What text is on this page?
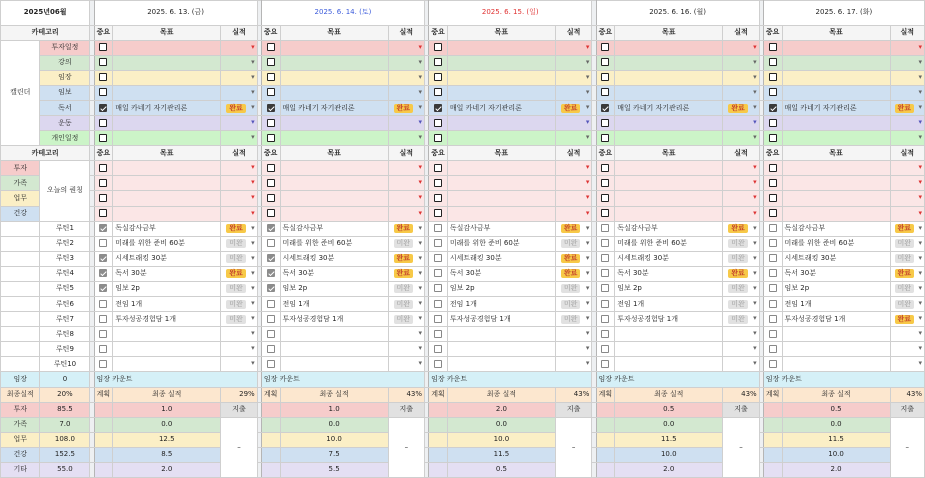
2025년06월			2025. 6. 13. (금)				2025. 6. 14. (토)				2025. 6. 15. (일)				2025. 6. 16. (월)				2025. 6. 17. (화)		
카테고리			중요	목표	실적		중요	목표	실적		중요	목표	실적		중요	목표	실적		중요	목표	실적
캘린더	투자일정				▾				▾				▾				▾				▾
	강의				▾				▾				▾				▾				▾
	임장				▾				▾				▾				▾				▾
	임보				▾				▾				▾				▾				▾
	독서			매일 카네기 자기관리론	완료 ▾			매일 카네기 자기관리론	완료 ▾			매일 카네기 자기관리론	완료 ▾			매일 카네기 자기관리론	완료 ▾			매일 카네기 자기관리론	완료 ▾
	운동				▾				▾				▾				▾				▾
	개인일정				▾				▾				▾				▾				▾
카테고리			중요	목표	실적		중요	목표	실적		중요	목표	실적		중요	목표	실적		중요	목표	실적
투자	오늘의 퀀칭				▾				▾				▾				▾				▾
가족				▾				▾				▾				▾				▾
업무				▾				▾				▾				▾				▾
건강				▾				▾				▾				▾				▾
	루틴1			독실감사금부	완료 ▾			독실감사금부	완료 ▾			독실감사금부	완료 ▾			독실감사금부	완료 ▾			독실감사금부	완료 ▾
	루틴2			미래를 위한 준비 60분	미완 ▾			미래를 위한 준비 60분	미완 ▾			미래를 위한 준비 60분	미완 ▾			미래를 위한 준비 60분	미완 ▾			미래를 위한 준비 60분	미완 ▾
	루틴3			시세트래킹 30분	미완 ▾			시세트래킹 30분	완료 ▾			시세트래킹 30분	완료 ▾			시세트래킹 30분	미완 ▾			시세트래킹 30분	미완 ▾
	루틴4			독서 30분	완료 ▾			독서 30분	완료 ▾			독서 30분	완료 ▾			독서 30분	완료 ▾			독서 30분	완료 ▾
	루틴5			임보 2p	미완 ▾			임보 2p	미완 ▾			임보 2p	미완 ▾			임보 2p	미완 ▾			임보 2p	미완 ▾
	루틴6			전임 1개	미완 ▾			전임 1개	미완 ▾			전임 1개	미완 ▾			전임 1개	미완 ▾			전임 1개	미완 ▾
	루틴7			투자성공경험담 1개	미완 ▾			투자성공경험담 1개	미완 ▾			투자성공경험담 1개	미완 ▾			투자성공경험담 1개	미완 ▾			투자성공경험담 1개	완료 ▾
	루틴8				▾				▾				▾				▾				▾
	루틴9				▾				▾				▾				▾				▾
	루틴10				▾				▾				▾				▾				▾
임장	0		임장 카운트				임장 카운트				임장 카운트				임장 카운트				임장 카운트		
최종실적	20%		계획	최종 실적	29%		계획	최종 실적	43%		계획	최종 실적	43%		계획	최종 실적	43%		계획	최종 실적	43%
투자	85.5			1.0	지출			1.0	지출			2.0	지출			0.5	지출			0.5	지출
가족	7.0			0.0	–			0.0	–			0.0	–			0.0	–			0.0	–
업무	108.0			12.5				10.0				10.0				11.5				11.5	
건강	152.5			8.5				7.5				11.5				10.0				10.0	
기타	55.0			2.0				5.5				0.5				2.0				2.0	
